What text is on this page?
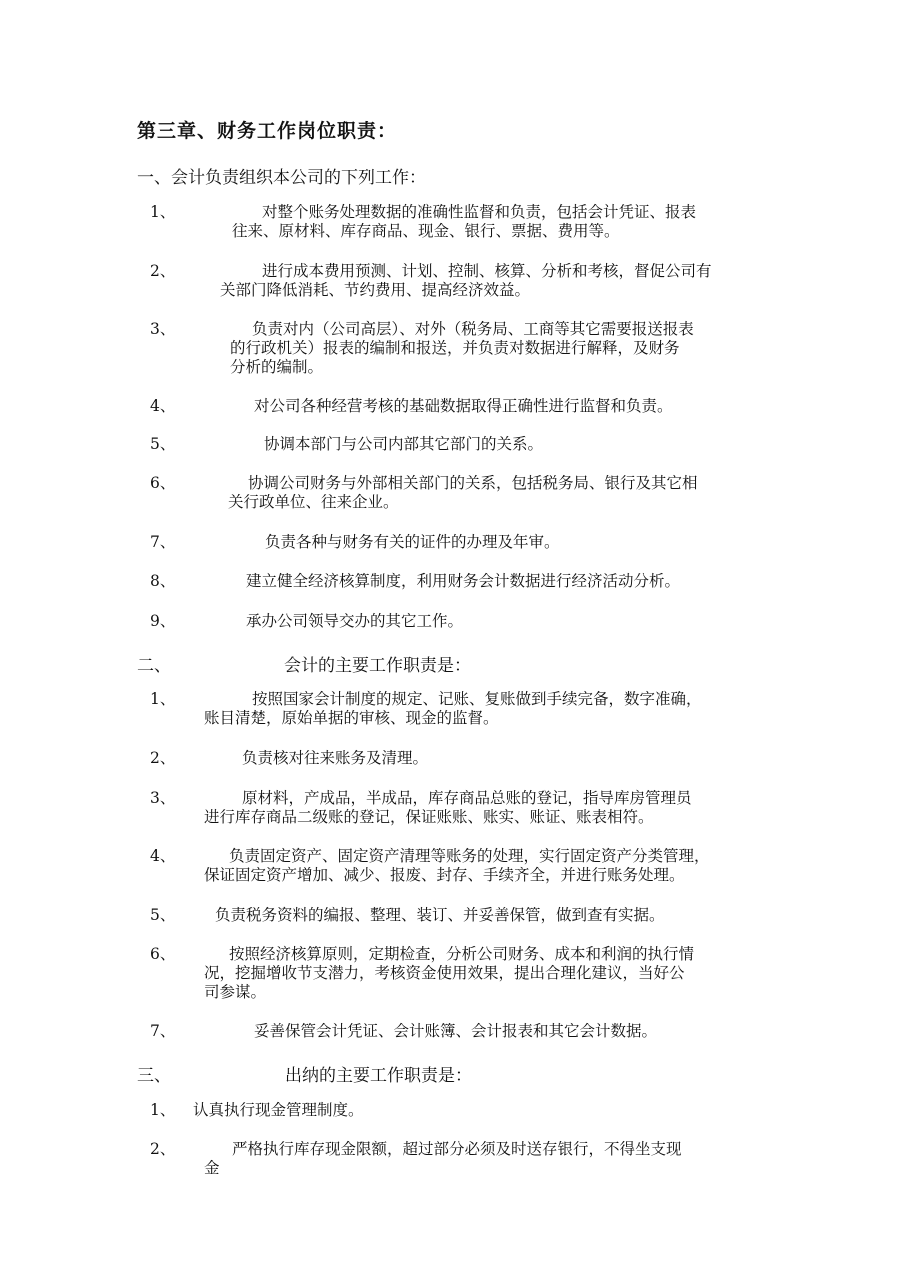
第三章、财务工作岗位职责：
一、会计负责组织本公司的下列工作：
1、	对整个账务处理数据的准确性监督和负责，包括会计凭证、报表
往来、原材料、库存商品、现金、银行、票据、费用等。
2、	进行成本费用预测、计划、控制、核算、分析和考核，督促公司有
关部门降低消耗、节约费用、提高经济效益。
3、	负责对内（公司高层）、对外（税务局、工商等其它需要报送报表
的行政机关）报表的编制和报送，并负责对数据进行解释，及财务
分析的编制。
4、	对公司各种经营考核的基础数据取得正确性进行监督和负责。
5、	协调本部门与公司内部其它部门的关系。
6、	协调公司财务与外部相关部门的关系，包括税务局、银行及其它相
关行政单位、往来企业。
7、	负责各种与财务有关的证件的办理及年审。
8、	建立健全经济核算制度，利用财务会计数据进行经济活动分析。
9、	承办公司领导交办的其它工作。
二、	会计的主要工作职责是：
1、	按照国家会计制度的规定、记账、复账做到手续完备，数字准确，
账目清楚，原始单据的审核、现金的监督。
2、	负责核对往来账务及清理。
3、	原材料，产成品，半成品，库存商品总账的登记，指导库房管理员
进行库存商品二级账的登记，保证账账、账实、账证、账表相符。
4、	负责固定资产、固定资产清理等账务的处理，实行固定资产分类管理，
保证固定资产增加、减少、报废、封存、手续齐全，并进行账务处理。
5、	负责税务资料的编报、整理、装订、并妥善保管，做到查有实据。
6、	按照经济核算原则，定期检查，分析公司财务、成本和利润的执行情
况，挖掘增收节支潜力，考核资金使用效果，提出合理化建议，当好公
司参谋。
7、	妥善保管会计凭证、会计账簿、会计报表和其它会计数据。
三、	出纳的主要工作职责是：
1、 认真执行现金管理制度。
2、	严格执行库存现金限额，超过部分必须及时送存银行，不得坐支现
金
